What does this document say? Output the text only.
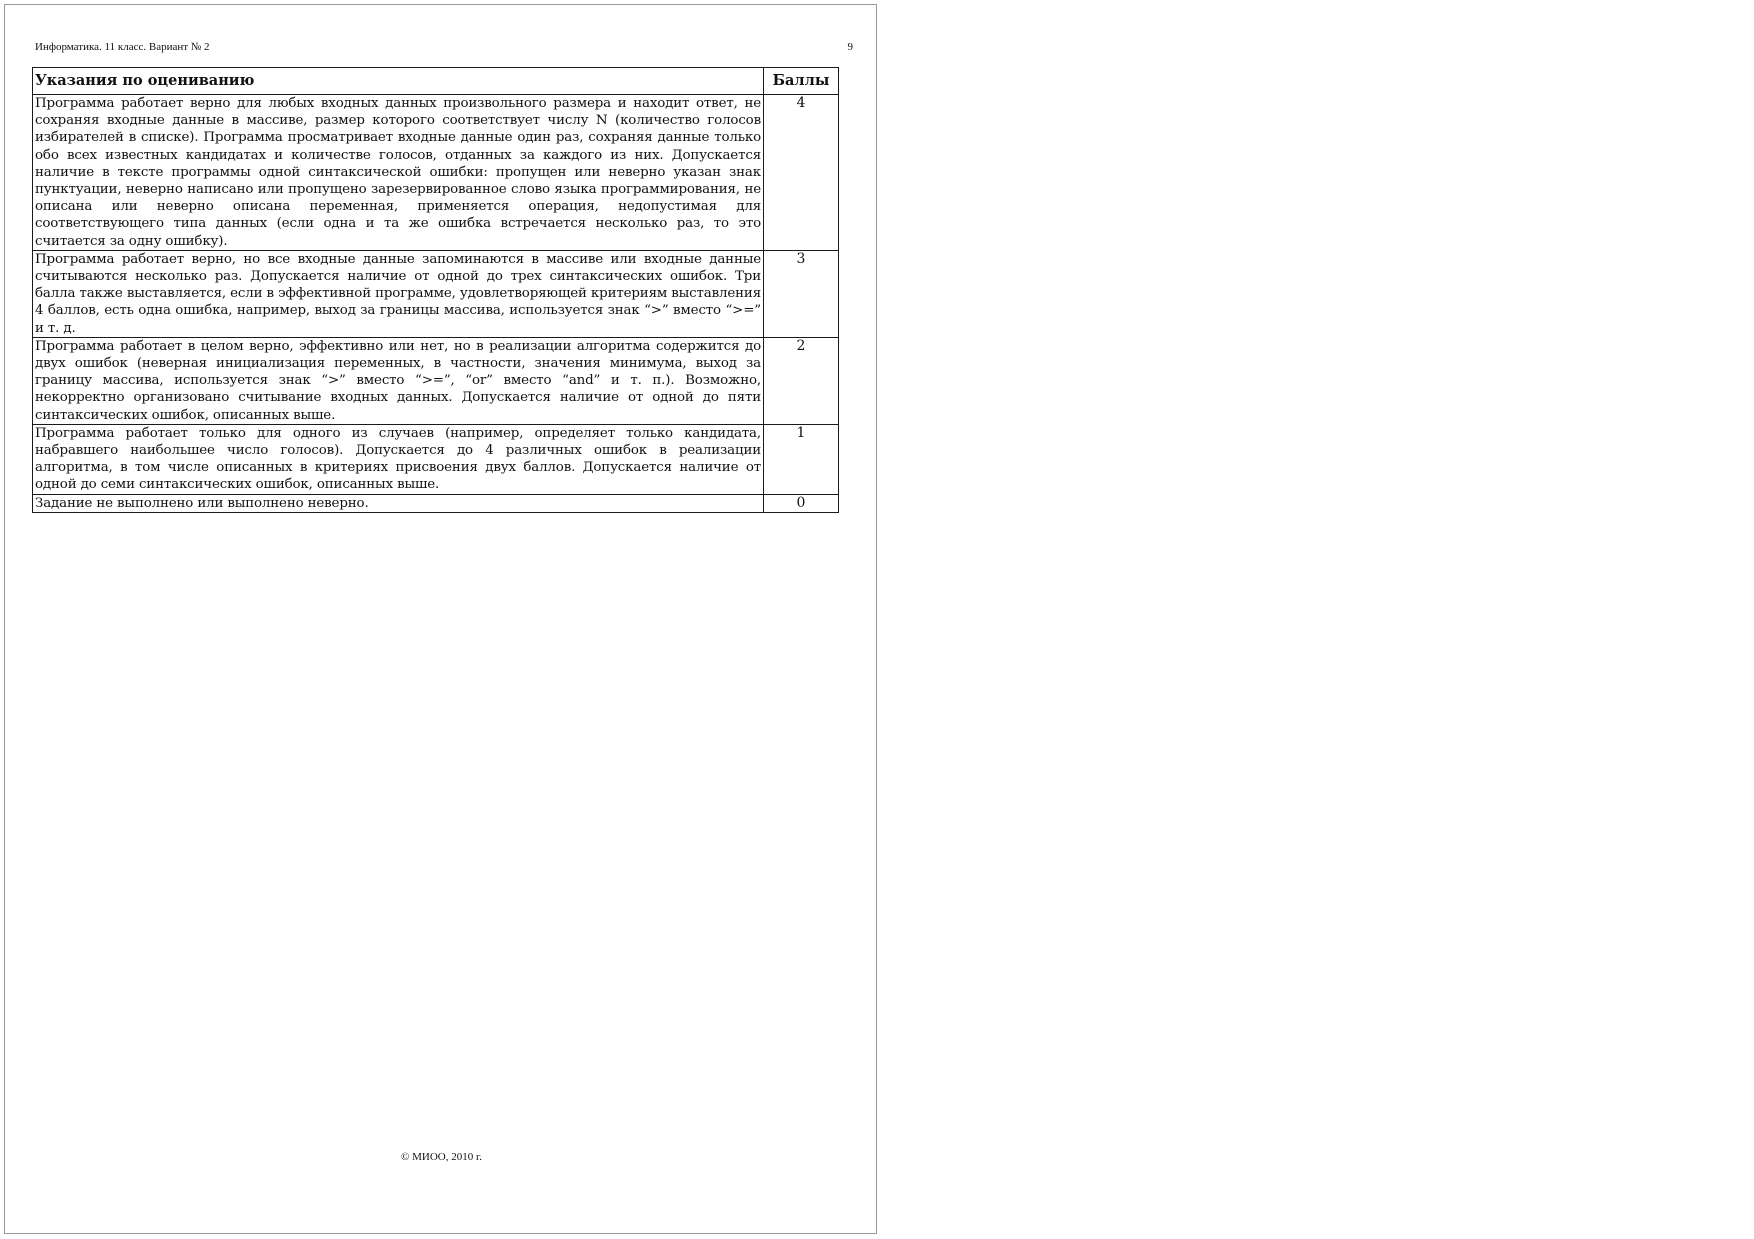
Информатика. 11 класс. Вариант № 2	9
Указания по оцениванию	Баллы
Программа работает верно для любых входных данных произвольного размера и находит ответ, не сохраняя входные данные в массиве, размер которого соответствует числу N (количество голосов избирателей в списке). Программа просматривает входные данные один раз, сохраняя данные только обо всех известных кандидатах и количестве голосов, отданных за каждого из них. Допускается наличие в тексте программы одной синтаксической ошибки: пропущен или неверно указан знак пунктуации, неверно написано или пропущено зарезервированное слово языка программирования, не описана или неверно описана переменная, применяется операция, недопустимая для соответствующего типа данных (если одна и та же ошибка встречается несколько раз, то это считается за одну ошибку).	4
Программа работает верно, но все входные данные запоминаются в массиве или входные данные считываются несколько раз. Допускается наличие от одной до трех синтаксических ошибок. Три балла также выставляется, если в эффективной программе, удовлетворяющей критериям выставления 4 баллов, есть одна ошибка, например, выход за границы массива, используется знак “>” вместо “>=” и т. д.	3
Программа работает в целом верно, эффективно или нет, но в реализации алгоритма содержится до двух ошибок (неверная инициализация переменных, в частности, значения минимума, выход за границу массива, используется знак “>” вместо “>=”, “or” вместо “and” и т. п.). Возможно, некорректно организовано считывание входных данных. Допускается наличие от одной до пяти синтаксических ошибок, описанных выше.	2
Программа работает только для одного из случаев (например, определяет только кандидата, набравшего наибольшее число голосов). Допускается до 4 различных ошибок в реализации алгоритма, в том числе описанных в критериях присвоения двух баллов. Допускается наличие от одной до семи синтаксических ошибок, описанных выше.	1
Задание не выполнено или выполнено неверно.	0
© МИОО, 2010 г.
